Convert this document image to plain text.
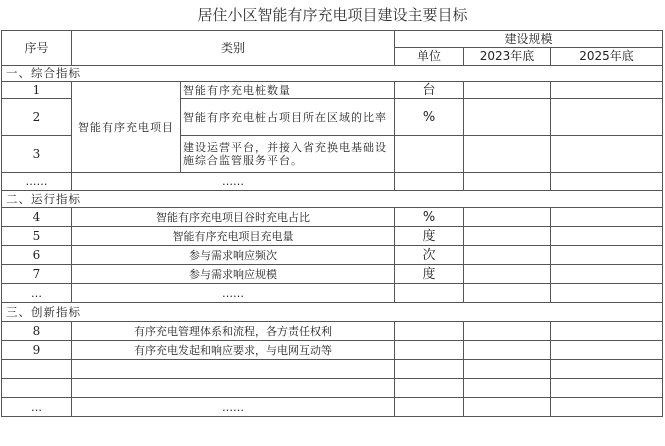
居住小区智能有序充电项目建设主要目标
序号	类别		建设规模		
			单位	2023年底	2025年底
一、综合指标					
1	智能有序充电项目	智能有序充电桩数量	台		
2		智能有序充电桩占项目所在区域的比率	%		
3		建设运营平台，并接入省充换电基础设施综合监管服务平台。			
……	……				
二、运行指标					
4	智能有序充电项目谷时充电占比		%		
5	智能有序充电项目充电量		度		
6	参与需求响应频次		次		
7	参与需求响应规模		度		
…	……				
三、创新指标					
8	有序充电管理体系和流程，各方责任权利				
9	有序充电发起和响应要求，与电网互动等				

…	……				
